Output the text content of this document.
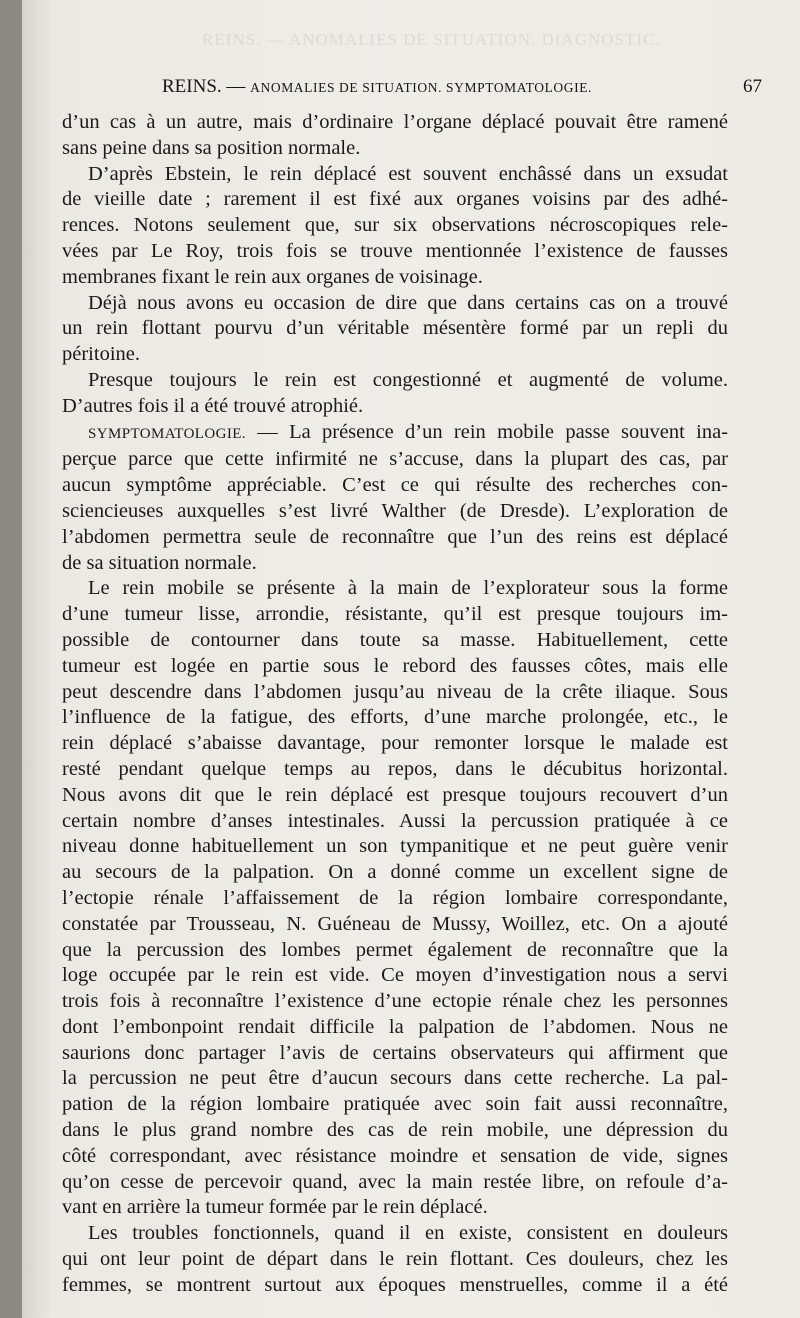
REINS. — ANOMALIES DE SITUATION. DIAGNOSTIC.
REINS. — ANOMALIES DE SITUATION. SYMPTOMATOLOGIE.	67

d’un cas à un autre, mais d’ordinaire l’organe déplacé pouvait être ramené

sans peine dans sa position normale.

D’après Ebstein, le rein déplacé est souvent enchâssé dans un exsudat

de vieille date ; rarement il est fixé aux organes voisins par des adhé-

rences. Notons seulement que, sur six observations nécroscopiques rele-

vées par Le Roy, trois fois se trouve mentionnée l’existence de fausses

membranes fixant le rein aux organes de voisinage.

Déjà nous avons eu occasion de dire que dans certains cas on a trouvé

un rein flottant pourvu d’un véritable mésentère formé par un repli du

péritoine.

Presque toujours le rein est congestionné et augmenté de volume.

D’autres fois il a été trouvé atrophié.

SYMPTOMATOLOGIE. — La présence d’un rein mobile passe souvent ina-

perçue parce que cette infirmité ne s’accuse, dans la plupart des cas, par

aucun symptôme appréciable. C’est ce qui résulte des recherches con-

sciencieuses auxquelles s’est livré Walther (de Dresde). L’exploration de

l’abdomen permettra seule de reconnaître que l’un des reins est déplacé

de sa situation normale.

Le rein mobile se présente à la main de l’explorateur sous la forme

d’une tumeur lisse, arrondie, résistante, qu’il est presque toujours im-

possible de contourner dans toute sa masse. Habituellement, cette

tumeur est logée en partie sous le rebord des fausses côtes, mais elle

peut descendre dans l’abdomen jusqu’au niveau de la crête iliaque. Sous

l’influence de la fatigue, des efforts, d’une marche prolongée, etc., le

rein déplacé s’abaisse davantage, pour remonter lorsque le malade est

resté pendant quelque temps au repos, dans le décubitus horizontal.

Nous avons dit que le rein déplacé est presque toujours recouvert d’un

certain nombre d’anses intestinales. Aussi la percussion pratiquée à ce

niveau donne habituellement un son tympanitique et ne peut guère venir

au secours de la palpation. On a donné comme un excellent signe de

l’ectopie rénale l’affaissement de la région lombaire correspondante,

constatée par Trousseau, N. Guéneau de Mussy, Woillez, etc. On a ajouté

que la percussion des lombes permet également de reconnaître que la

loge occupée par le rein est vide. Ce moyen d’investigation nous a servi

trois fois à reconnaître l’existence d’une ectopie rénale chez les personnes

dont l’embonpoint rendait difficile la palpation de l’abdomen. Nous ne

saurions donc partager l’avis de certains observateurs qui affirment que

la percussion ne peut être d’aucun secours dans cette recherche. La pal-

pation de la région lombaire pratiquée avec soin fait aussi reconnaître,

dans le plus grand nombre des cas de rein mobile, une dépression du

côté correspondant, avec résistance moindre et sensation de vide, signes

qu’on cesse de percevoir quand, avec la main restée libre, on refoule d’a-

vant en arrière la tumeur formée par le rein déplacé.

Les troubles fonctionnels, quand il en existe, consistent en douleurs

qui ont leur point de départ dans le rein flottant. Ces douleurs, chez les

femmes, se montrent surtout aux époques menstruelles, comme il a été
